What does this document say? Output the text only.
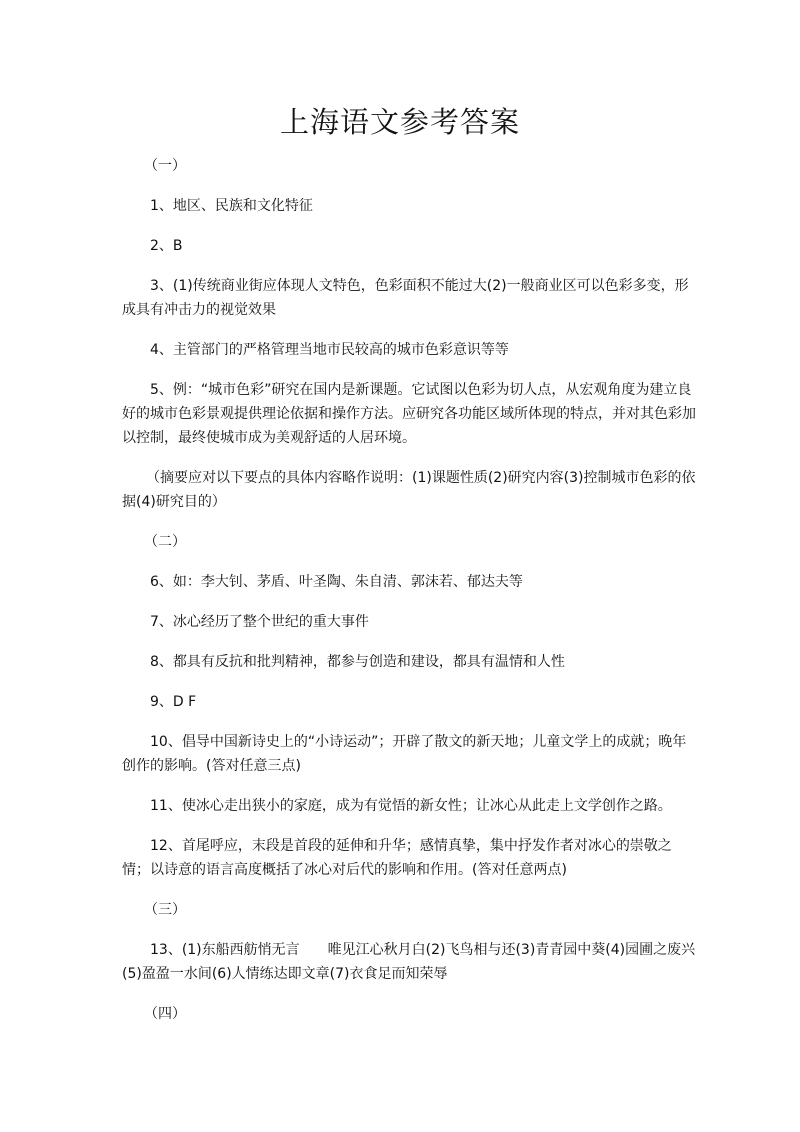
上海语文参考答案

（一）

1、地区、民族和文化特征

2、B

3、(1)传统商业街应体现人文特色，色彩面积不能过大(2)一般商业区可以色彩多变，形成具有冲击力的视觉效果

4、主管部门的严格管理当地市民较高的城市色彩意识等等

5、例：“城市色彩”研究在国内是新课题。它试图以色彩为切人点，从宏观角度为建立良好的城市色彩景观提供理论依据和操作方法。应研究各功能区域所体现的特点，并对其色彩加以控制，最终使城市成为美观舒适的人居环境。

（摘要应对以下要点的具体内容略作说明：(1)课题性质(2)研究内容(3)控制城市色彩的依据(4)研究目的）

（二）

6、如：李大钊、茅盾、叶圣陶、朱自清、郭沫若、郁达夫等

7、冰心经历了整个世纪的重大事件

8、都具有反抗和批判精神，都参与创造和建设，都具有温情和人性

9、D F

10、倡导中国新诗史上的“小诗运动”；开辟了散文的新天地；儿童文学上的成就；晚年创作的影响。(答对任意三点)

11、使冰心走出狭小的家庭，成为有觉悟的新女性；让冰心从此走上文学创作之路。

12、首尾呼应，末段是首段的延伸和升华；感情真挚，集中抒发作者对冰心的崇敬之情；以诗意的语言高度概括了冰心对后代的影响和作用。(答对任意两点)

（三）

13、(1)东船西舫悄无言　　唯见江心秋月白(2)飞鸟相与还(3)青青园中葵(4)园圃之废兴(5)盈盈一水间(6)人情练达即文章(7)衣食足而知荣辱

（四）
